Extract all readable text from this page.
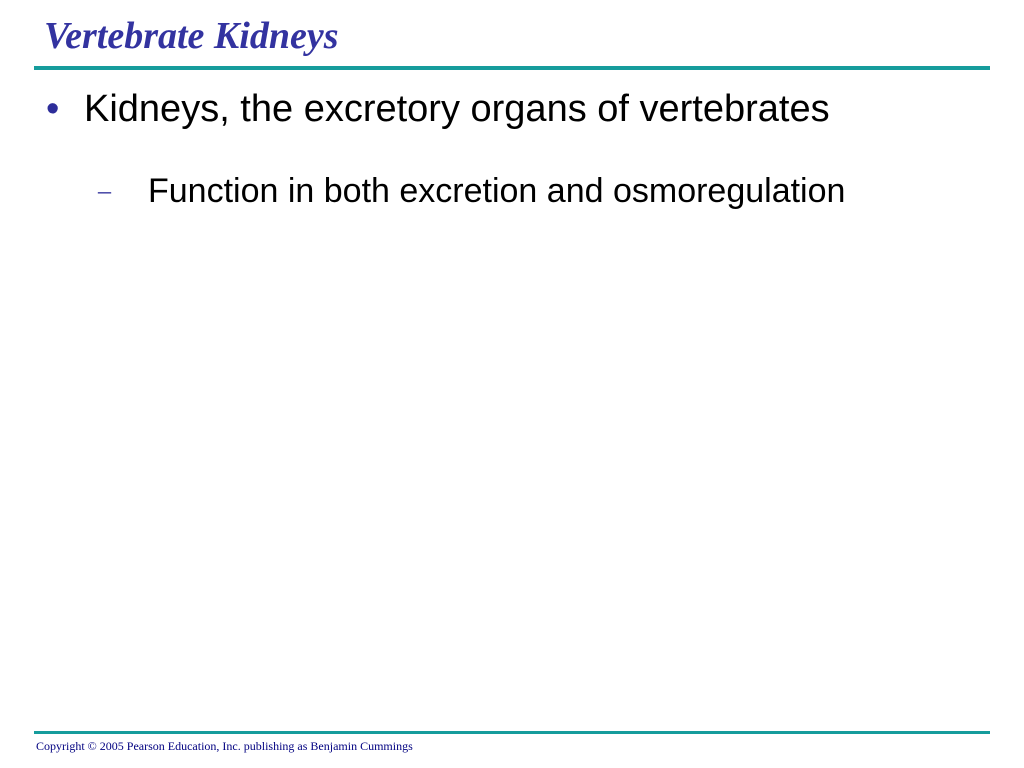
Vertebrate Kidneys
• Kidneys, the excretory organs of vertebrates
– Function in both excretion and osmoregulation
Copyright © 2005 Pearson Education, Inc. publishing as Benjamin Cummings
